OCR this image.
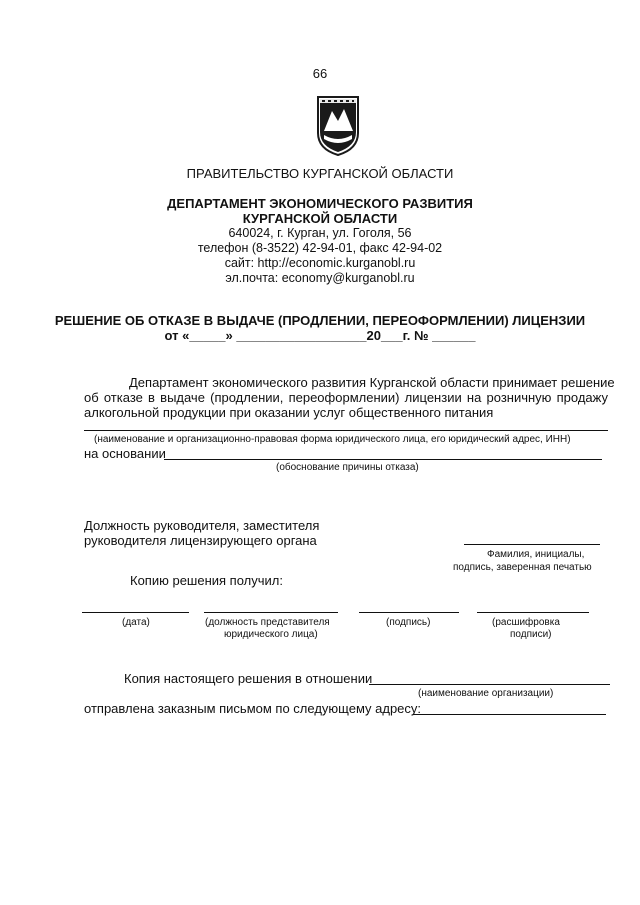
66
ПРАВИТЕЛЬСТВО КУРГАНСКОЙ ОБЛАСТИ
ДЕПАРТАМЕНТ ЭКОНОМИЧЕСКОГО РАЗВИТИЯ
КУРГАНСКОЙ ОБЛАСТИ
640024, г. Курган, ул. Гоголя, 56
телефон (8-3522) 42-94-01, факс 42-94-02
сайт: http://economic.kurganobl.ru
эл.почта: economy@kurganobl.ru
РЕШЕНИЕ ОБ ОТКАЗЕ В ВЫДАЧЕ (ПРОДЛЕНИИ, ПЕРЕОФОРМЛЕНИИ) ЛИЦЕНЗИИ
от «_____» __________________20___г. № ______
Департамент экономического развития Курганской области принимает решение
об отказе в выдаче (продлении, переоформлении) лицензии на розничную продажу
алкогольной продукции при оказании услуг общественного питания
(наименование и организационно-правовая форма юридического лица, его юридический адрес, ИНН)
на основании
(обоснование причины отказа)
Должность руководителя, заместителя
руководителя лицензирующего органа
Фамилия, инициалы,
подпись, заверенная печатью
Копию решения получил:
(дата)	(должность представителя
юридического лица)
(подпись)	(расшифровка
подписи)
Копия настоящего решения в отношении
(наименование организации)
отправлена заказным письмом по следующему адресу:
